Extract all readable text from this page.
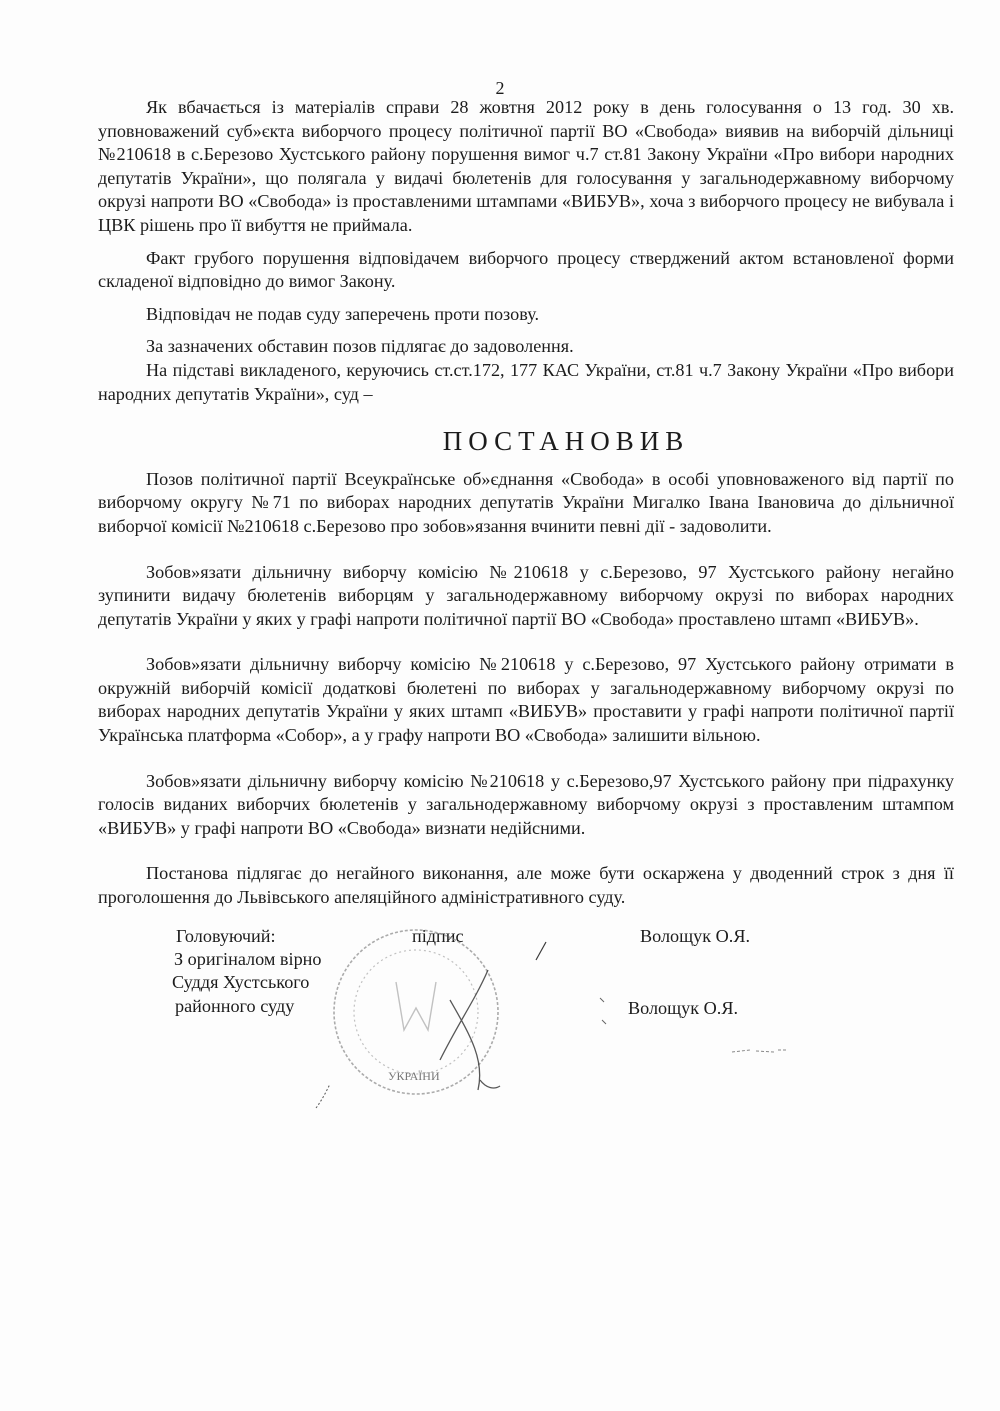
2

Як вбачається із матеріалів справи 28 жовтня 2012 року в день голосування о 13 год. 30 хв. уповноважений суб»єкта виборчого процесу політичної партії ВО «Свобода» виявив на виборчій дільниці №210618 в с.Березово Хустського району порушення вимог ч.7 ст.81 Закону України «Про вибори народних депутатів України», що полягала у видачі бюлетенів для голосування у загальнодержавному виборчому окрузі напроти ВО «Свобода» із проставленими штампами «ВИБУВ», хоча з виборчого процесу не вибувала і ЦВК рішень про її вибуття не приймала.

Факт грубого порушення відповідачем виборчого процесу стверджений актом встановленої форми складеної відповідно до вимог Закону.

Відповідач не подав суду заперечень проти позову.

За зазначених обставин позов підлягає до задоволення.

На підставі викладеного, керуючись ст.ст.172, 177 КАС України, ст.81 ч.7 Закону України «Про вибори народних депутатів України», суд –

ПОСТАНОВИВ

Позов політичної партії Всеукраїнське об»єднання «Свобода» в особі уповноваженого від партії по виборчому округу №71 по виборах народних депутатів України Мигалко Івана Івановича до дільничної виборчої комісії №210618 с.Березово про зобов»язання вчинити певні дії - задоволити.

Зобов»язати дільничну виборчу комісію №210618 у с.Березово, 97 Хустського району негайно зупинити видачу бюлетенів виборцям у загальнодержавному виборчому окрузі по виборах народних депутатів України у яких у графі напроти політичної партії ВО «Свобода» проставлено штамп «ВИБУВ».

Зобов»язати дільничну виборчу комісію №210618 у с.Березово, 97 Хустського району отримати в окружній виборчій комісії додаткові бюлетені по виборах у загальнодержавному виборчому окрузі по виборах народних депутатів України у яких штамп «ВИБУВ» проставити у графі напроти політичної партії Українська платформа «Собор», а у графу напроти ВО «Свобода» залишити вільною.

Зобов»язати дільничну виборчу комісію №210618 у с.Березово,97 Хустського району при підрахунку голосів виданих виборчих бюлетенів у загальнодержавному виборчому окрузі з проставленим штампом «ВИБУВ» у графі напроти ВО «Свобода» визнати недійсними.

Постанова підлягає до негайного виконання, але може бути оскаржена у дводенний строк з дня її проголошення до Львівського апеляційного адміністративного суду.

Головуючий:	підпис	Волощук О.Я.
З оригіналом вірно
Суддя Хустського
районного суду	Волощук О.Я.
УКРАЇНИ
